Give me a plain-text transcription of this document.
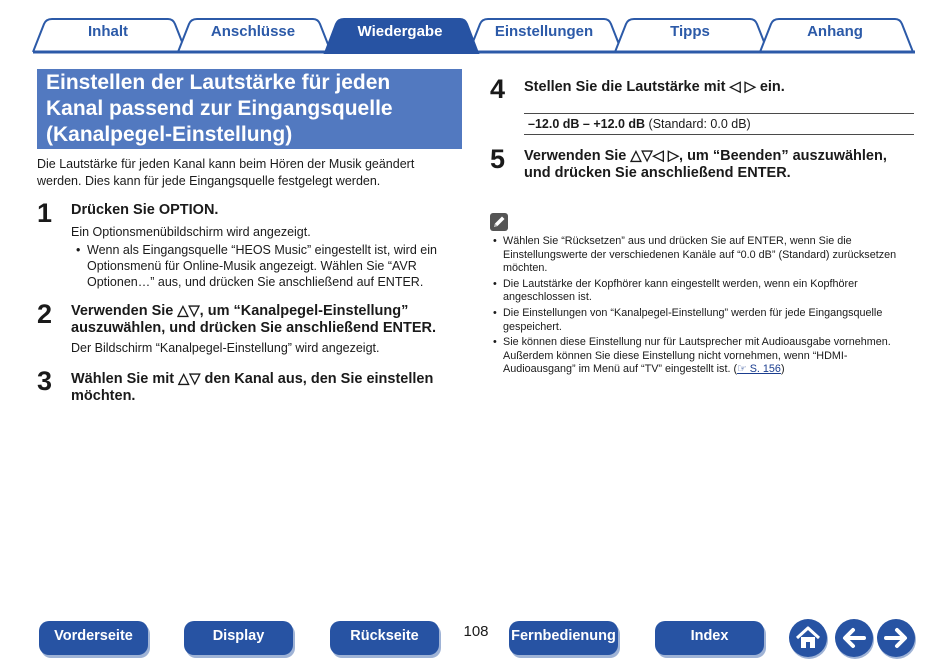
Inhalt	Anschlüsse	Wiedergabe	Einstellungen	Tipps	Anhang
Einstellen der Lautstärke für jeden
Kanal passend zur Eingangsquelle
(Kanalpegel-Einstellung)
Die Lautstärke für jeden Kanal kann beim Hören der Musik geändert
werden. Dies kann für jede Eingangsquelle festgelegt werden.
1 Drücken Sie OPTION.
Ein Optionsmenübildschirm wird angezeigt.
• Wenn als Eingangsquelle “HEOS Music” eingestellt ist, wird ein
Optionsmenü für Online-Musik angezeigt. Wählen Sie “AVR
Optionen…” aus, und drücken Sie anschließend auf ENTER.
2 Verwenden Sie △▽, um “Kanalpegel-Einstellung”
auszuwählen, und drücken Sie anschließend ENTER.
Der Bildschirm “Kanalpegel-Einstellung” wird angezeigt.
3 Wählen Sie mit △▽ den Kanal aus, den Sie einstellen
möchten.
4 Stellen Sie die Lautstärke mit ◁ ▷ ein.
–12.0 dB – +12.0 dB (Standard: 0.0 dB)
5 Verwenden Sie △▽◁ ▷, um “Beenden” auszuwählen,
und drücken Sie anschließend ENTER.
• Wählen Sie “Rücksetzen” aus und drücken Sie auf ENTER, wenn Sie die
Einstellungswerte der verschiedenen Kanäle auf “0.0 dB” (Standard) zurücksetzen
möchten.
• Die Lautstärke der Kopfhörer kann eingestellt werden, wenn ein Kopfhörer
angeschlossen ist.
• Die Einstellungen von “Kanalpegel-Einstellung” werden für jede Eingangsquelle
gespeichert.
• Sie können diese Einstellung nur für Lautsprecher mit Audioausgabe vornehmen.
Außerdem können Sie diese Einstellung nicht vornehmen, wenn “HDMI-
Audioausgang” im Menü auf “TV” eingestellt ist. (☞ S. 156)
Vorderseite	Display	Rückseite	108	Fernbedienung	Index
